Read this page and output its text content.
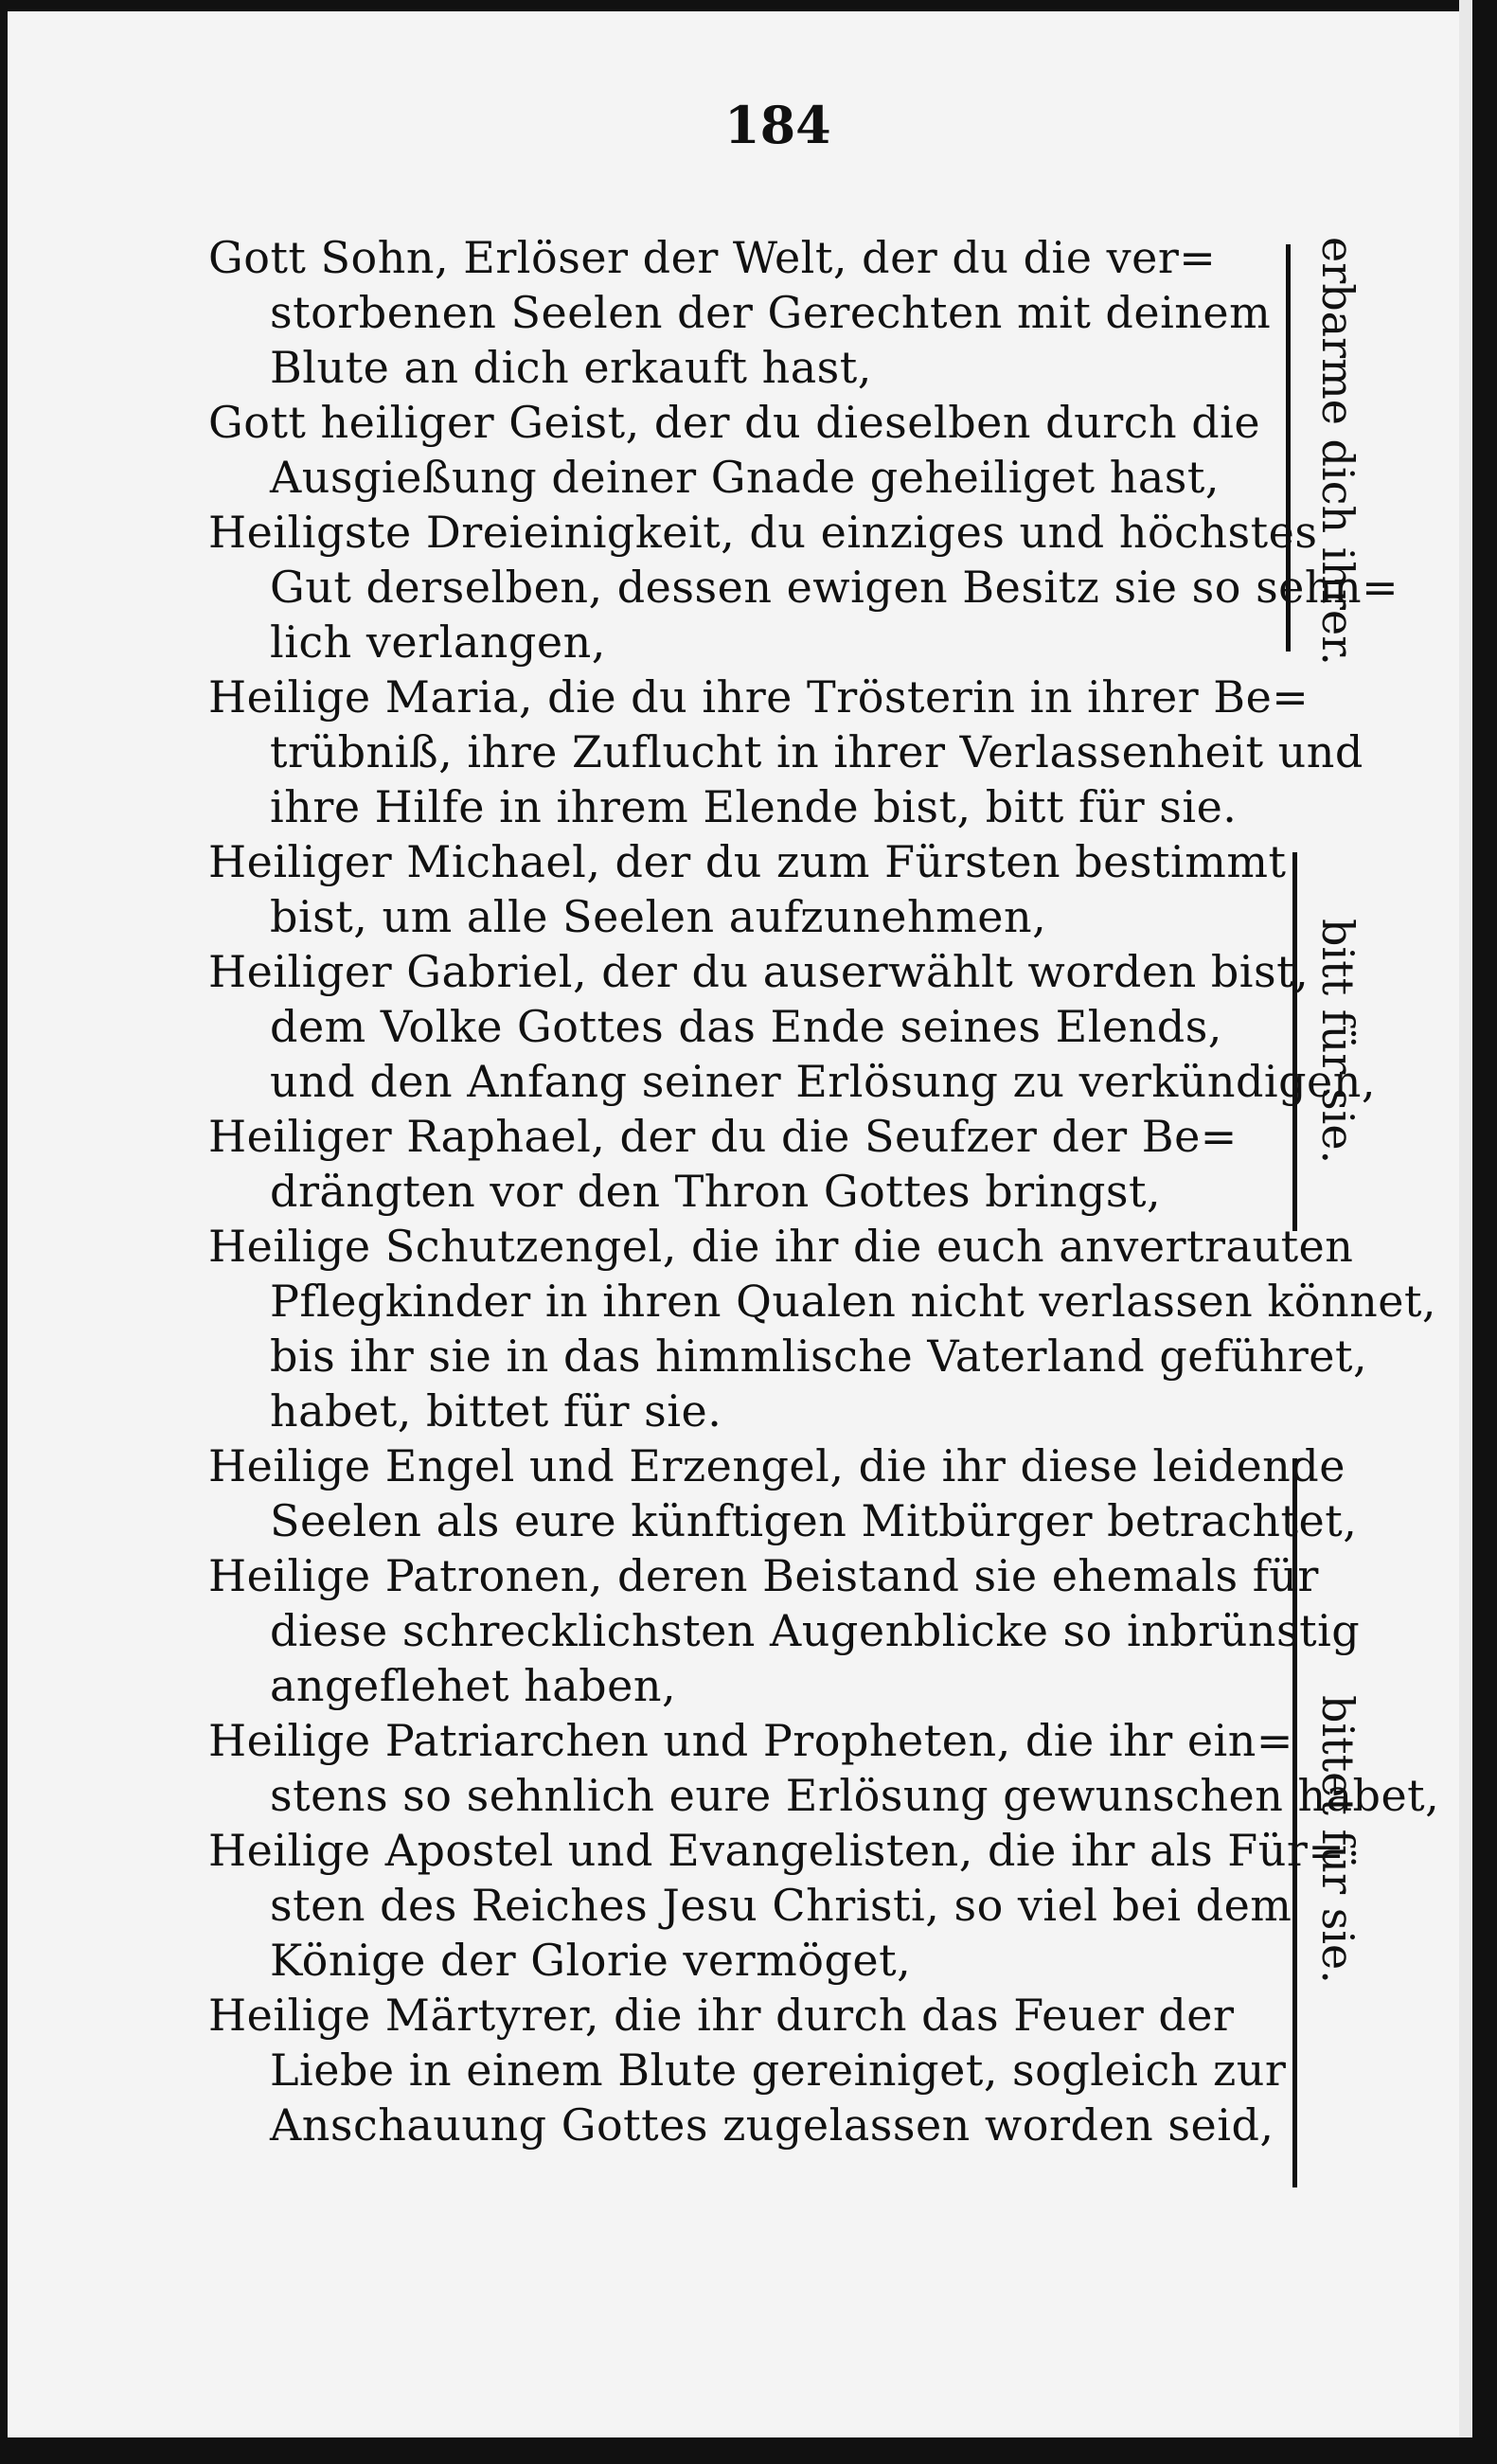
184
Gott Sohn, Erlöser der Welt, der du die ver=
storbenen Seelen der Gerechten mit deinem
Blute an dich erkauft hast,
Gott heiliger Geist, der du dieselben durch die
Ausgießung deiner Gnade geheiliget hast,
Heiligste Dreieinigkeit, du einziges und höchstes
Gut derselben, dessen ewigen Besitz sie so sehn=
lich verlangen,	erbarme dich ihrer.
Heilige Maria, die du ihre Trösterin in ihrer Be=
trübniß, ihre Zuflucht in ihrer Verlassenheit und
ihre Hilfe in ihrem Elende bist, bitt für sie.
Heiliger Michael, der du zum Fürsten bestimmt
bist, um alle Seelen aufzunehmen,
Heiliger Gabriel, der du auserwählt worden bist,
dem Volke Gottes das Ende seines Elends,
und den Anfang seiner Erlösung zu verkündigen,
Heiliger Raphael, der du die Seufzer der Be=
drängten vor den Thron Gottes bringst,
bitt für sie.
Heilige Schutzengel, die ihr die euch anvertrauten
Pflegkinder in ihren Qualen nicht verlassen könnet,
bis ihr sie in das himmlische Vaterland geführet,
habet, bittet für sie.
Heilige Engel und Erzengel, die ihr diese leidende
Seelen als eure künftigen Mitbürger betrachtet,
Heilige Patronen, deren Beistand sie ehemals für
diese schrecklichsten Augenblicke so inbrünstig
angeflehet haben,
Heilige Patriarchen und Propheten, die ihr ein=
stens so sehnlich eure Erlösung gewunschen habet,
Heilige Apostel und Evangelisten, die ihr als Für=
sten des Reiches Jesu Christi, so viel bei dem
Könige der Glorie vermöget,
Heilige Märtyrer, die ihr durch das Feuer der
Liebe in einem Blute gereiniget, sogleich zur
Anschauung Gottes zugelassen worden seid,
bittet für sie.
